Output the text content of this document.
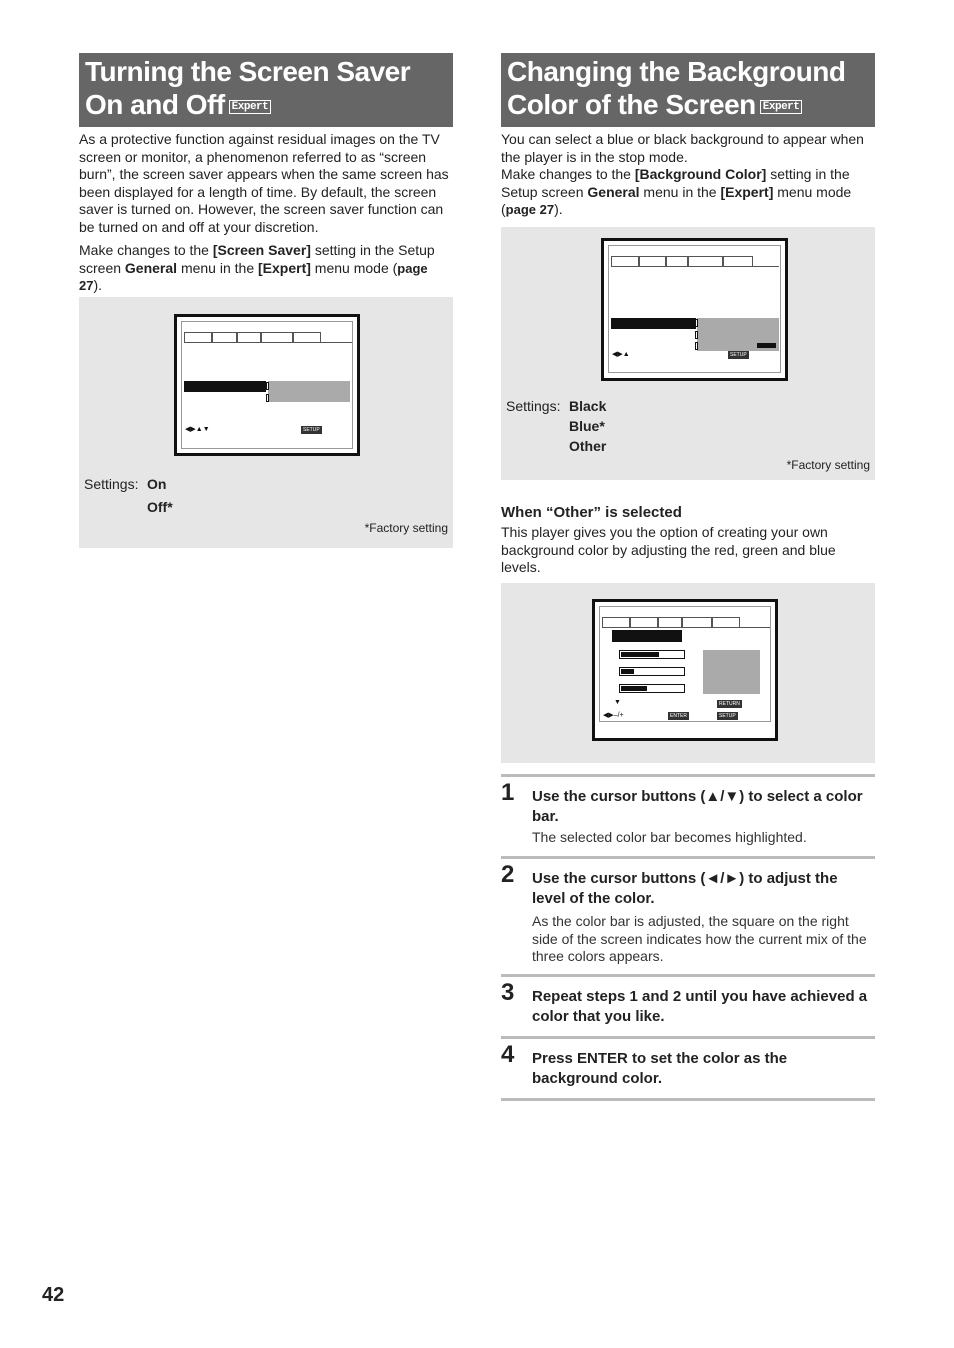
Turning the Screen Saver On and Off Expert

As a protective function against residual images on the TV screen or monitor, a phenomenon referred to as “screen burn”, the screen saver appears when the same screen has been displayed for a length of time. By default, the screen saver is turned on. However, the screen saver function can be turned on and off at your discretion.

Make changes to the [Screen Saver] setting in the Setup screen General menu in the [Expert] menu mode (page 27).

◀▶▲▼	SETUP
Settings: On
Off*
*Factory setting
Changing the Background Color of the Screen Expert

You can select a blue or black background to appear when the player is in the stop mode.

Make changes to the [Background Color] setting in the Setup screen General menu in the [Expert] menu mode (page 27).

◀▶▲	SETUP
Settings: Black
Blue*
Other
*Factory setting

When “Other” is selected

This player gives you the option of creating your own background color by adjusting the red, green and blue levels.

▼
◀▶–/+	ENTER
RETURN
SETUP
1 Use the cursor buttons (▲/▼) to select a color bar.

The selected color bar becomes highlighted.

2 Use the cursor buttons (◄/►) to adjust the level of the color.

As the color bar is adjusted, the square on the right side of the screen indicates how the current mix of the three colors appears.

3 Repeat steps 1 and 2 until you have achieved a color that you like.

4 Press ENTER to set the color as the background color.

42
